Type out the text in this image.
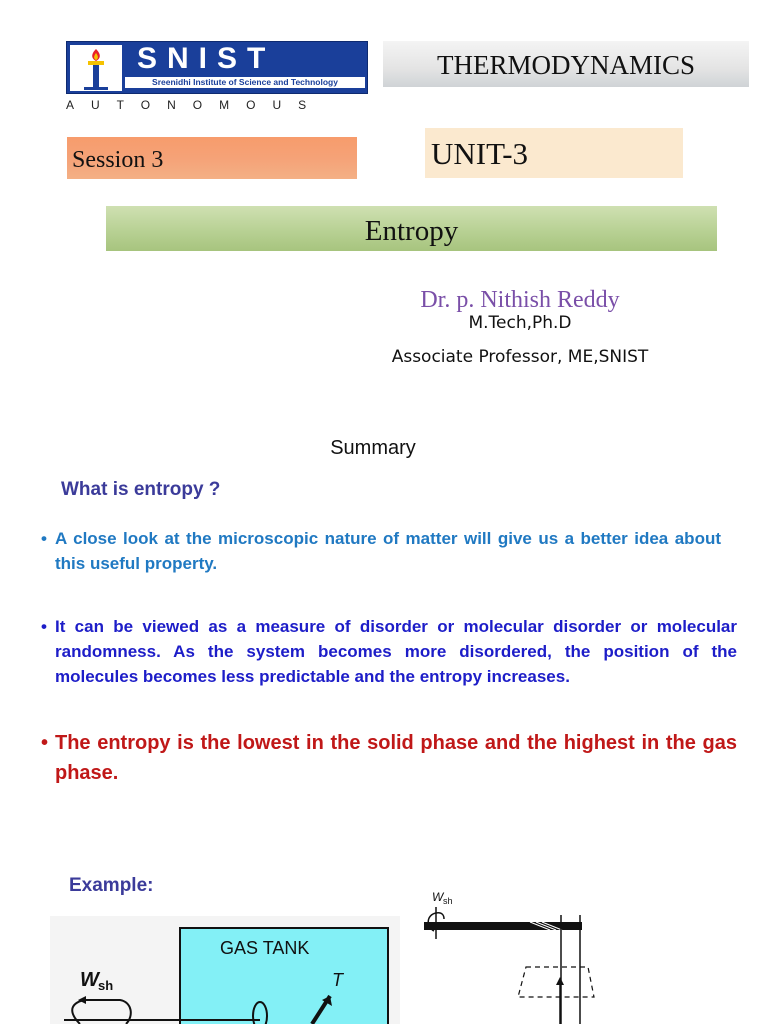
SNIST
Sreenidhi Institute of Science and Technology
AUTONOMOUS
THERMODYNAMICS
Session 3	UNIT-3
Entropy
Dr. p. Nithish Reddy
M.Tech,Ph.D
Associate Professor, ME,SNIST
Summary
What is entropy ?
• A close look at the microscopic nature of matter will give us a better idea about this useful property.
• It can be viewed as a measure of disorder or molecular disorder or molecular randomness. As the system becomes more disordered, the position of the molecules becomes less predictable and the entropy increases.
• The entropy is the lowest in the solid phase and the highest in the gas phase.
Example:
GAS TANK
W sh	T
W sh
